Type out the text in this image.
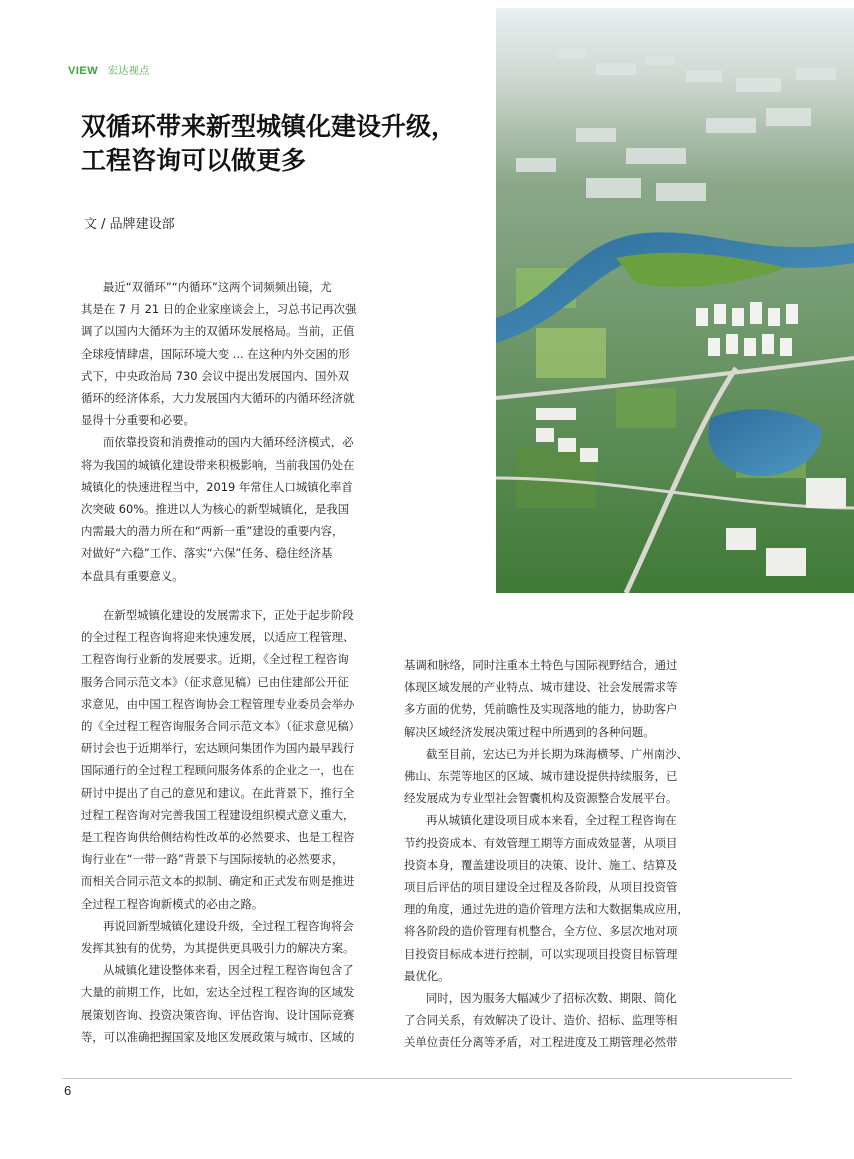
VIEW 宏达视点
双循环带来新型城镇化建设升级，
工程咨询可以做更多
文 / 品牌建设部

最近“双循环”“内循环”这两个词频频出镜，尤
其是在 7 月 21 日的企业家座谈会上，习总书记再次强
调了以国内大循环为主的双循环发展格局。当前，正值
全球疫情肆虐，国际环境大变 ... 在这种内外交困的形
式下，中央政治局 730 会议中提出发展国内、国外双
循环的经济体系，大力发展国内大循环的内循环经济就
显得十分重要和必要。

而依靠投资和消费推动的国内大循环经济模式，必
将为我国的城镇化建设带来积极影响，当前我国仍处在
城镇化的快速进程当中，2019 年常住人口城镇化率首
次突破 60%。推进以人为核心的新型城镇化，是我国
内需最大的潜力所在和“两新一重”建设的重要内容，
对做好“六稳”工作、落实“六保”任务、稳住经济基
本盘具有重要意义。

在新型城镇化建设的发展需求下，正处于起步阶段
的全过程工程咨询将迎来快速发展，以适应工程管理、
工程咨询行业新的发展要求。近期，《全过程工程咨询
服务合同示范文本》（征求意见稿）已由住建部公开征
求意见，由中国工程咨询协会工程管理专业委员会举办
的《全过程工程咨询服务合同示范文本》（征求意见稿）
研讨会也于近期举行，宏达顾问集团作为国内最早践行
国际通行的全过程工程顾问服务体系的企业之一，也在
研讨中提出了自己的意见和建议。在此背景下，推行全
过程工程咨询对完善我国工程建设组织模式意义重大，
是工程咨询供给侧结构性改革的必然要求、也是工程咨
询行业在“一带一路”背景下与国际接轨的必然要求，
而相关合同示范文本的拟制、确定和正式发布则是推进
全过程工程咨询新模式的必由之路。

再说回新型城镇化建设升级，全过程工程咨询将会
发挥其独有的优势，为其提供更具吸引力的解决方案。

从城镇化建设整体来看，因全过程工程咨询包含了
大量的前期工作，比如，宏达全过程工程咨询的区域发
展策划咨询、投资决策咨询、评估咨询、设计国际竞赛
等，可以准确把握国家及地区发展政策与城市、区域的

基调和脉络，同时注重本土特色与国际视野结合，通过
体现区域发展的产业特点、城市建设、社会发展需求等
多方面的优势，凭前瞻性及实现落地的能力，协助客户
解决区域经济发展决策过程中所遇到的各种问题。

截至目前，宏达已为并长期为珠海横琴、广州南沙、
佛山、东莞等地区的区域、城市建设提供持续服务，已
经发展成为专业型社会智囊机构及资源整合发展平台。

再从城镇化建设项目成本来看，全过程工程咨询在
节约投资成本、有效管理工期等方面成效显著，从项目
投资本身，覆盖建设项目的决策、设计、施工、结算及
项目后评估的项目建设全过程及各阶段，从项目投资管
理的角度，通过先进的造价管理方法和大数据集成应用，
将各阶段的造价管理有机整合，全方位、多层次地对项
目投资目标成本进行控制，可以实现项目投资目标管理
最优化。

同时，因为服务大幅减少了招标次数、期限、简化
了合同关系，有效解决了设计、造价、招标、监理等相
关单位责任分离等矛盾，对工程进度及工期管理必然带

6
